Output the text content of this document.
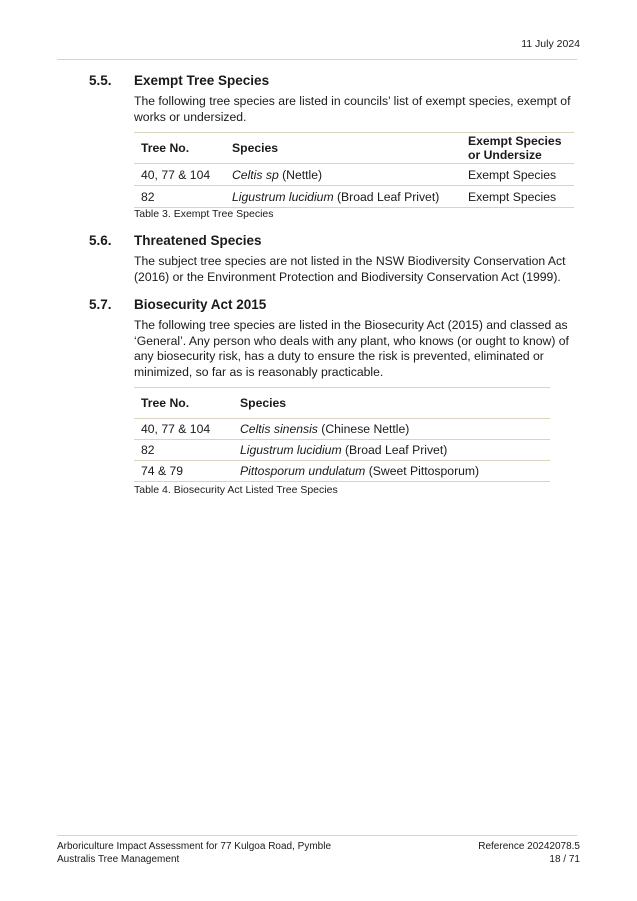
11 July 2024
5.5. Exempt Tree Species
The following tree species are listed in councils’ list of exempt species, exempt of works or undersized.
Tree No.	Species	Exempt Species
or Undersize
40, 77 & 104	Celtis sp (Nettle)	Exempt Species
82	Ligustrum lucidium (Broad Leaf Privet)	Exempt Species
Table 3. Exempt Tree Species
5.6. Threatened Species
The subject tree species are not listed in the NSW Biodiversity Conservation Act (2016) or the Environment Protection and Biodiversity Conservation Act (1999).
5.7. Biosecurity Act 2015
The following tree species are listed in the Biosecurity Act (2015) and classed as ‘General’. Any person who deals with any plant, who knows (or ought to know) of any biosecurity risk, has a duty to ensure the risk is prevented, eliminated or minimized, so far as is reasonably practicable.
Tree No.	Species
40, 77 & 104	Celtis sinensis (Chinese Nettle)
82	Ligustrum lucidium (Broad Leaf Privet)
74 & 79	Pittosporum undulatum (Sweet Pittosporum)
Table 4. Biosecurity Act Listed Tree Species
Arboriculture Impact Assessment for 77 Kulgoa Road, Pymble
Australis Tree Management
Reference 20242078.5
18 / 71
